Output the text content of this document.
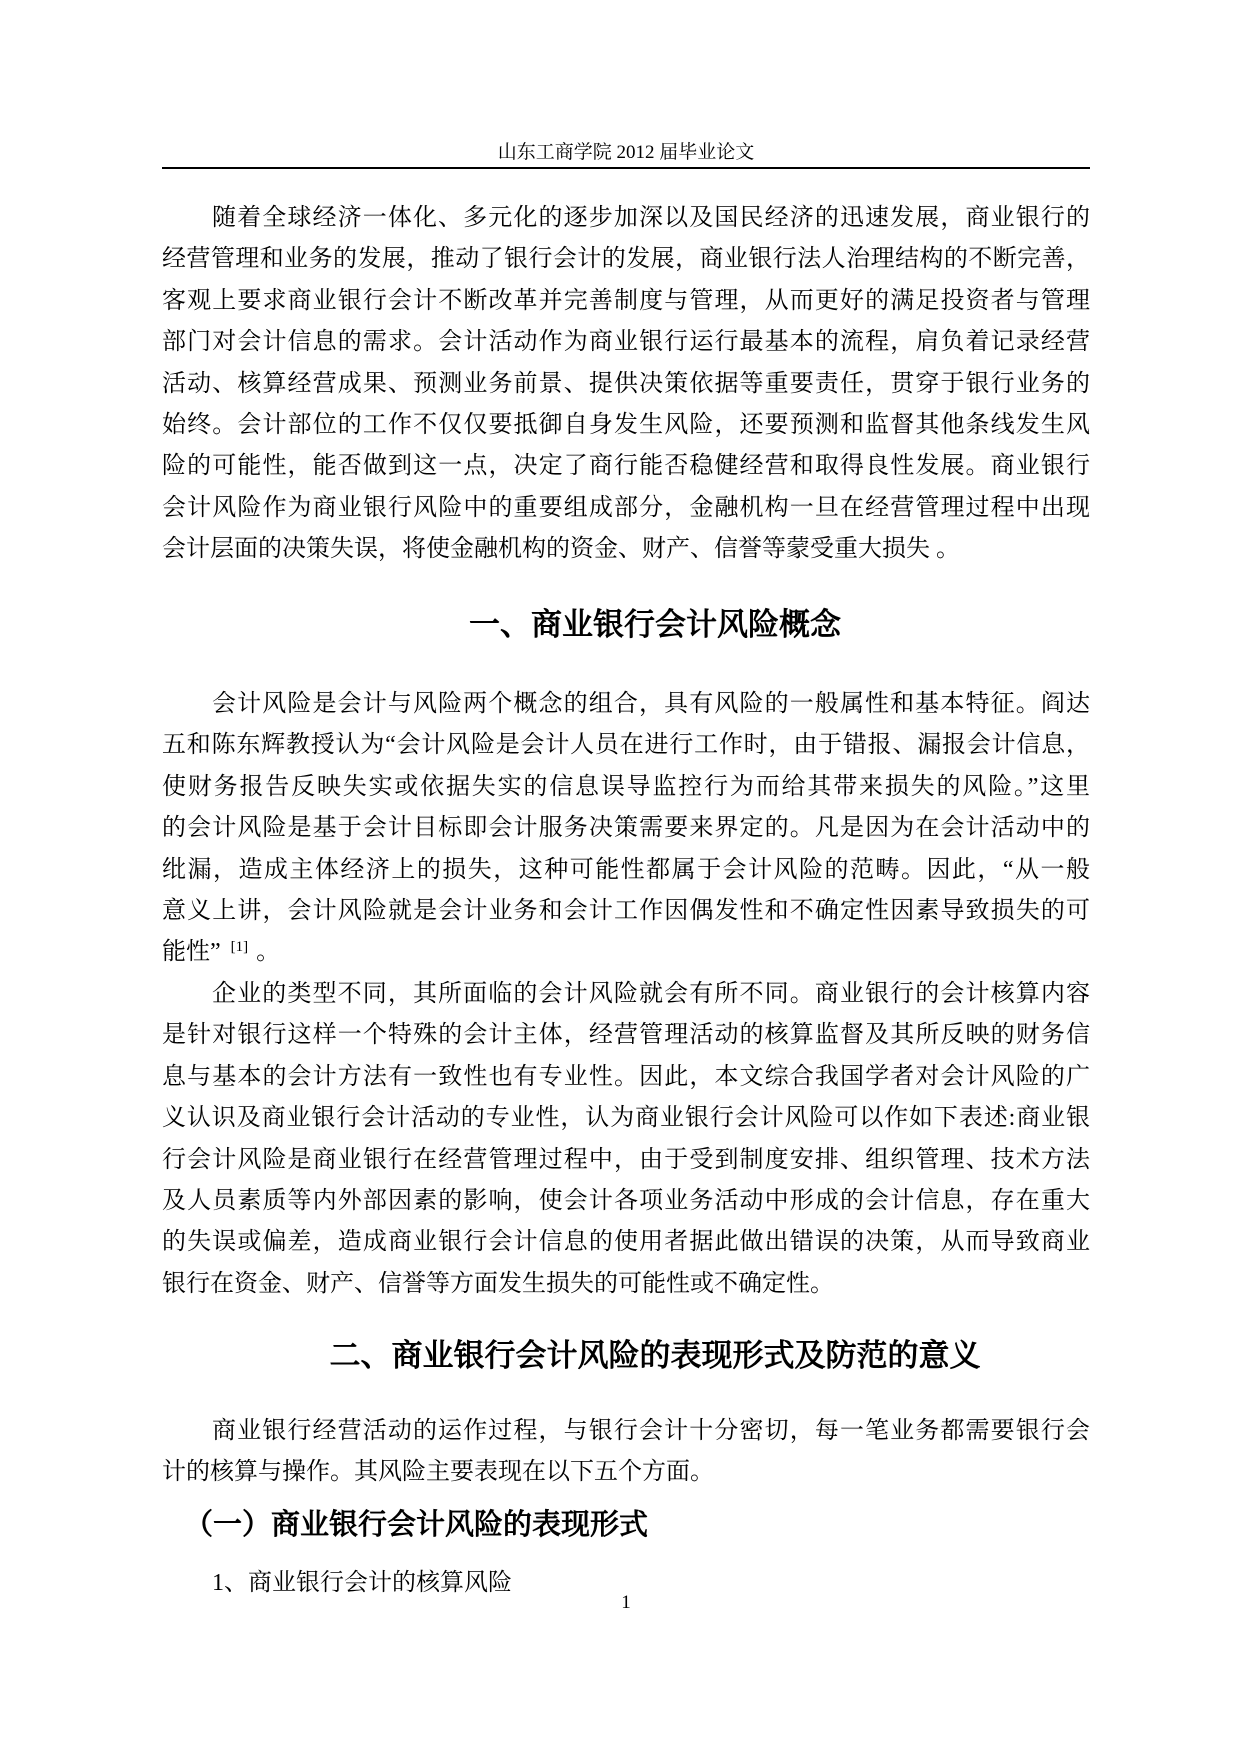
山东工商学院 2012 届毕业论文
随着全球经济一体化、多元化的逐步加深以及国民经济的迅速发展，商业银行的
经营管理和业务的发展，推动了银行会计的发展，商业银行法人治理结构的不断完善，
客观上要求商业银行会计不断改革并完善制度与管理，从而更好的满足投资者与管理
部门对会计信息的需求。会计活动作为商业银行运行最基本的流程，肩负着记录经营
活动、核算经营成果、预测业务前景、提供决策依据等重要责任，贯穿于银行业务的
始终。会计部位的工作不仅仅要抵御自身发生风险，还要预测和监督其他条线发生风
险的可能性，能否做到这一点，决定了商行能否稳健经营和取得良性发展。商业银行
会计风险作为商业银行风险中的重要组成部分，金融机构一旦在经营管理过程中出现
会计层面的决策失误，将使金融机构的资金、财产、信誉等蒙受重大损失 。
一、商业银行会计风险概念
会计风险是会计与风险两个概念的组合，具有风险的一般属性和基本特征。阎达
五和陈东辉教授认为“会计风险是会计人员在进行工作时，由于错报、漏报会计信息，
使财务报告反映失实或依据失实的信息误导监控行为而给其带来损失的风险。”这里
的会计风险是基于会计目标即会计服务决策需要来界定的。凡是因为在会计活动中的
纰漏，造成主体经济上的损失，这种可能性都属于会计风险的范畴。因此，“从一般
意义上讲，会计风险就是会计业务和会计工作因偶发性和不确定性因素导致损失的可
能性” [1] 。
企业的类型不同，其所面临的会计风险就会有所不同。商业银行的会计核算内容
是针对银行这样一个特殊的会计主体，经营管理活动的核算监督及其所反映的财务信
息与基本的会计方法有一致性也有专业性。因此，本文综合我国学者对会计风险的广
义认识及商业银行会计活动的专业性，认为商业银行会计风险可以作如下表述:商业银
行会计风险是商业银行在经营管理过程中，由于受到制度安排、组织管理、技术方法
及人员素质等内外部因素的影响，使会计各项业务活动中形成的会计信息，存在重大
的失误或偏差，造成商业银行会计信息的使用者据此做出错误的决策，从而导致商业
银行在资金、财产、信誉等方面发生损失的可能性或不确定性。
二、商业银行会计风险的表现形式及防范的意义
商业银行经营活动的运作过程，与银行会计十分密切，每一笔业务都需要银行会
计的核算与操作。其风险主要表现在以下五个方面。
（一）商业银行会计风险的表现形式
1、商业银行会计的核算风险
1
